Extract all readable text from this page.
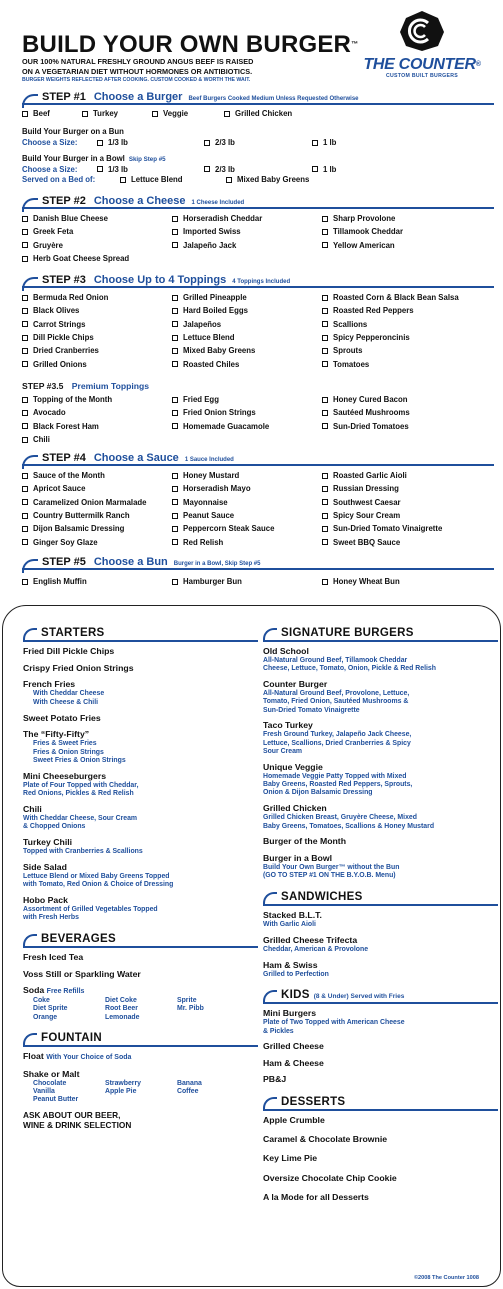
BUILD YOUR OWN BURGER™
OUR 100% NATURAL FRESHLY GROUND ANGUS BEEF IS RAISED
ON A VEGETARIAN DIET WITHOUT HORMONES OR ANTIBIOTICS.
BURGER WEIGHTS REFLECTED AFTER COOKING. CUSTOM COOKED & WORTH THE WAIT.
THE COUNTER®
CUSTOM BUILT BURGERS
STEP #1 Choose a Burger Beef Burgers Cooked Medium Unless Requested Otherwise
Beef	Turkey	Veggie	Grilled Chicken
Build Your Burger on a Bun
Choose a Size:	1/3 lb	2/3 lb	1 lb
Build Your Burger in a Bowl Skip Step #5
Choose a Size:	1/3 lb	2/3 lb	1 lb
Served on a Bed of:	Lettuce Blend	Mixed Baby Greens
STEP #2 Choose a Cheese 1 Cheese Included
Danish Blue Cheese	Horseradish Cheddar	Sharp Provolone
Greek Feta	Imported Swiss	Tillamook Cheddar
Gruyère	Jalapeño Jack	Yellow American
Herb Goat Cheese Spread
STEP #3 Choose Up to 4 Toppings 4 Toppings Included
Bermuda Red Onion	Grilled Pineapple	Roasted Corn & Black Bean Salsa
Black Olives	Hard Boiled Eggs	Roasted Red Peppers
Carrot Strings	Jalapeños	Scallions
Dill Pickle Chips	Lettuce Blend	Spicy Pepperoncinis
Dried Cranberries	Mixed Baby Greens	Sprouts
Grilled Onions	Roasted Chiles	Tomatoes
STEP #3.5 Premium Toppings
Topping of the Month	Fried Egg	Honey Cured Bacon
Avocado	Fried Onion Strings	Sautéed Mushrooms
Black Forest Ham	Homemade Guacamole	Sun-Dried Tomatoes
Chili
STEP #4 Choose a Sauce 1 Sauce Included
Sauce of the Month	Honey Mustard	Roasted Garlic Aioli
Apricot Sauce	Horseradish Mayo	Russian Dressing
Caramelized Onion Marmalade	Mayonnaise	Southwest Caesar
Country Buttermilk Ranch	Peanut Sauce	Spicy Sour Cream
Dijon Balsamic Dressing	Peppercorn Steak Sauce	Sun-Dried Tomato Vinaigrette
Ginger Soy Glaze	Red Relish	Sweet BBQ Sauce
STEP #5 Choose a Bun Burger in a Bowl, Skip Step #5
English Muffin	Hamburger Bun	Honey Wheat Bun
STARTERS
Fried Dill Pickle Chips
Crispy Fried Onion Strings
French Fries
With Cheddar Cheese
With Cheese & Chili
Sweet Potato Fries
The “Fifty-Fifty”
Fries & Sweet Fries
Fries & Onion Strings
Sweet Fries & Onion Strings
Mini Cheeseburgers
Plate of Four Topped with Cheddar,
Red Onions, Pickles & Red Relish
Chili
With Cheddar Cheese, Sour Cream
& Chopped Onions
Turkey Chili
Topped with Cranberries & Scallions
Side Salad
Lettuce Blend or Mixed Baby Greens Topped
with Tomato, Red Onion & Choice of Dressing
Hobo Pack
Assortment of Grilled Vegetables Topped
with Fresh Herbs
BEVERAGES
Fresh Iced Tea
Voss Still or Sparkling Water
Soda Free Refills
Coke	Diet Coke	Sprite
Diet Sprite	Root Beer	Mr. Pibb
Orange	Lemonade
FOUNTAIN
Float With Your Choice of Soda
Shake or Malt
Chocolate	Strawberry	Banana
Vanilla	Apple Pie	Coffee
Peanut Butter
ASK ABOUT OUR BEER,
WINE & DRINK SELECTION
SIGNATURE BURGERS
Old School
All-Natural Ground Beef, Tillamook Cheddar
Cheese, Lettuce, Tomato, Onion, Pickle & Red Relish
Counter Burger
All-Natural Ground Beef, Provolone, Lettuce,
Tomato, Fried Onion, Sautéed Mushrooms &
Sun-Dried Tomato Vinaigrette
Taco Turkey
Fresh Ground Turkey, Jalapeño Jack Cheese,
Lettuce, Scallions, Dried Cranberries & Spicy
Sour Cream
Unique Veggie
Homemade Veggie Patty Topped with Mixed
Baby Greens, Roasted Red Peppers, Sprouts,
Onion & Dijon Balsamic Dressing
Grilled Chicken
Grilled Chicken Breast, Gruyère Cheese, Mixed
Baby Greens, Tomatoes, Scallions & Honey Mustard
Burger of the Month
Burger in a Bowl
Build Your Own Burger™ without the Bun
(GO TO STEP #1 ON THE B.Y.O.B. Menu)
SANDWICHES
Stacked B.L.T.
With Garlic Aioli
Grilled Cheese Trifecta
Cheddar, American & Provolone
Ham & Swiss
Grilled to Perfection
KIDS (8 & Under) Served with Fries
Mini Burgers
Plate of Two Topped with American Cheese
& Pickles
Grilled Cheese
Ham & Cheese
PB&J
DESSERTS
Apple Crumble
Caramel & Chocolate Brownie
Key Lime Pie
Oversize Chocolate Chip Cookie
A la Mode for all Desserts
©2008 The Counter 1008
